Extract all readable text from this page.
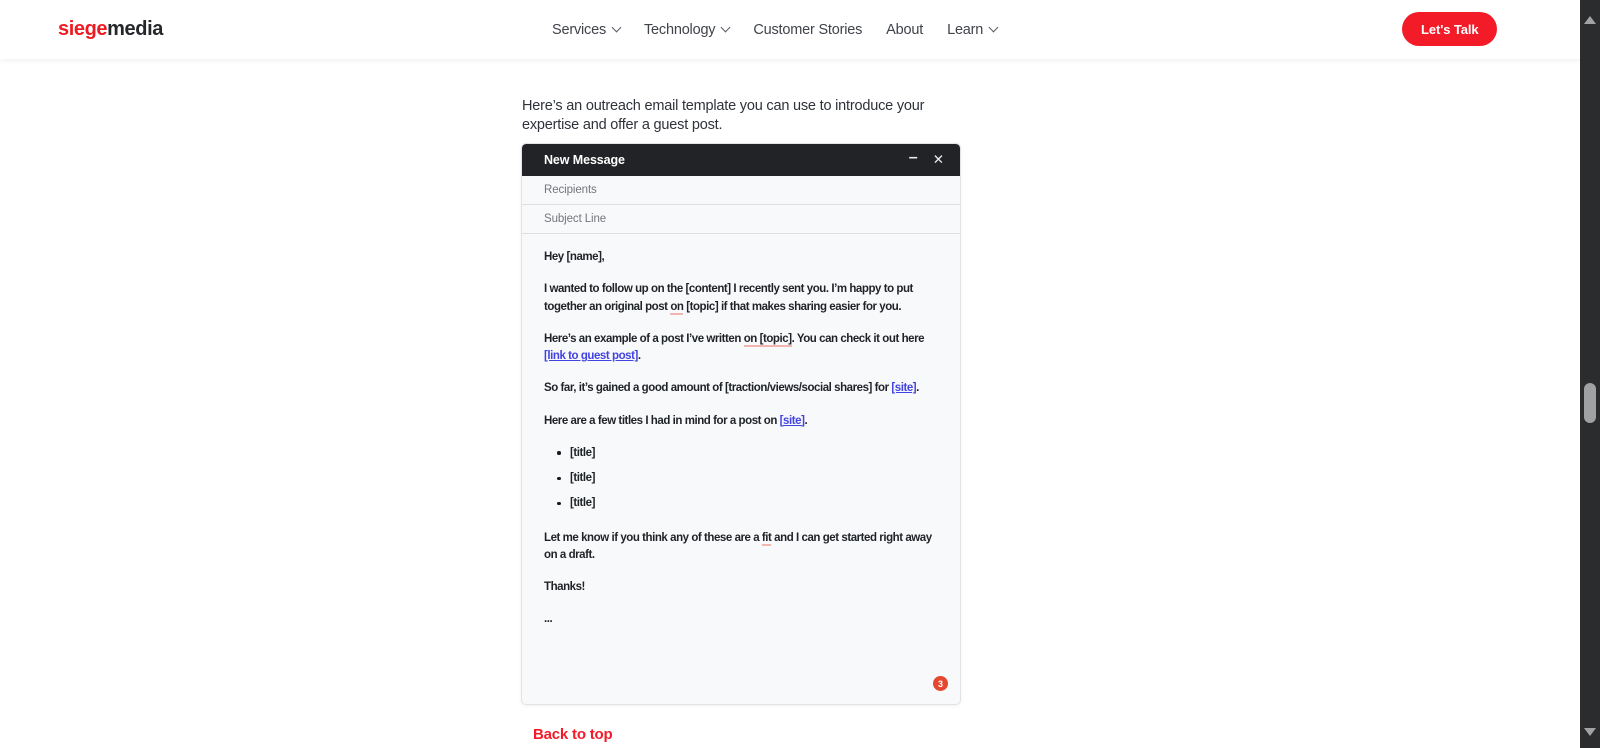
siegemedia	Services	Technology	Customer Stories About Learn	Let's Talk

Here’s an outreach email template you can use to introduce your expertise and offer a guest post.

New Message	– ✕
Recipients
Subject Line

Hey [name],

I wanted to follow up on the [content] I recently sent you. I’m happy to put together an original post on [topic] if that makes sharing easier for you.

Here’s an example of a post I’ve written on [topic]. You can check it out here [link to guest post].

So far, it’s gained a good amount of [traction/views/social shares] for [site].

Here are a few titles I had in mind for a post on [site].

[title]
[title]
[title]

Let me know if you think any of these are a fit and I can get started right away on a draft.

Thanks!

...

3
Back to top
